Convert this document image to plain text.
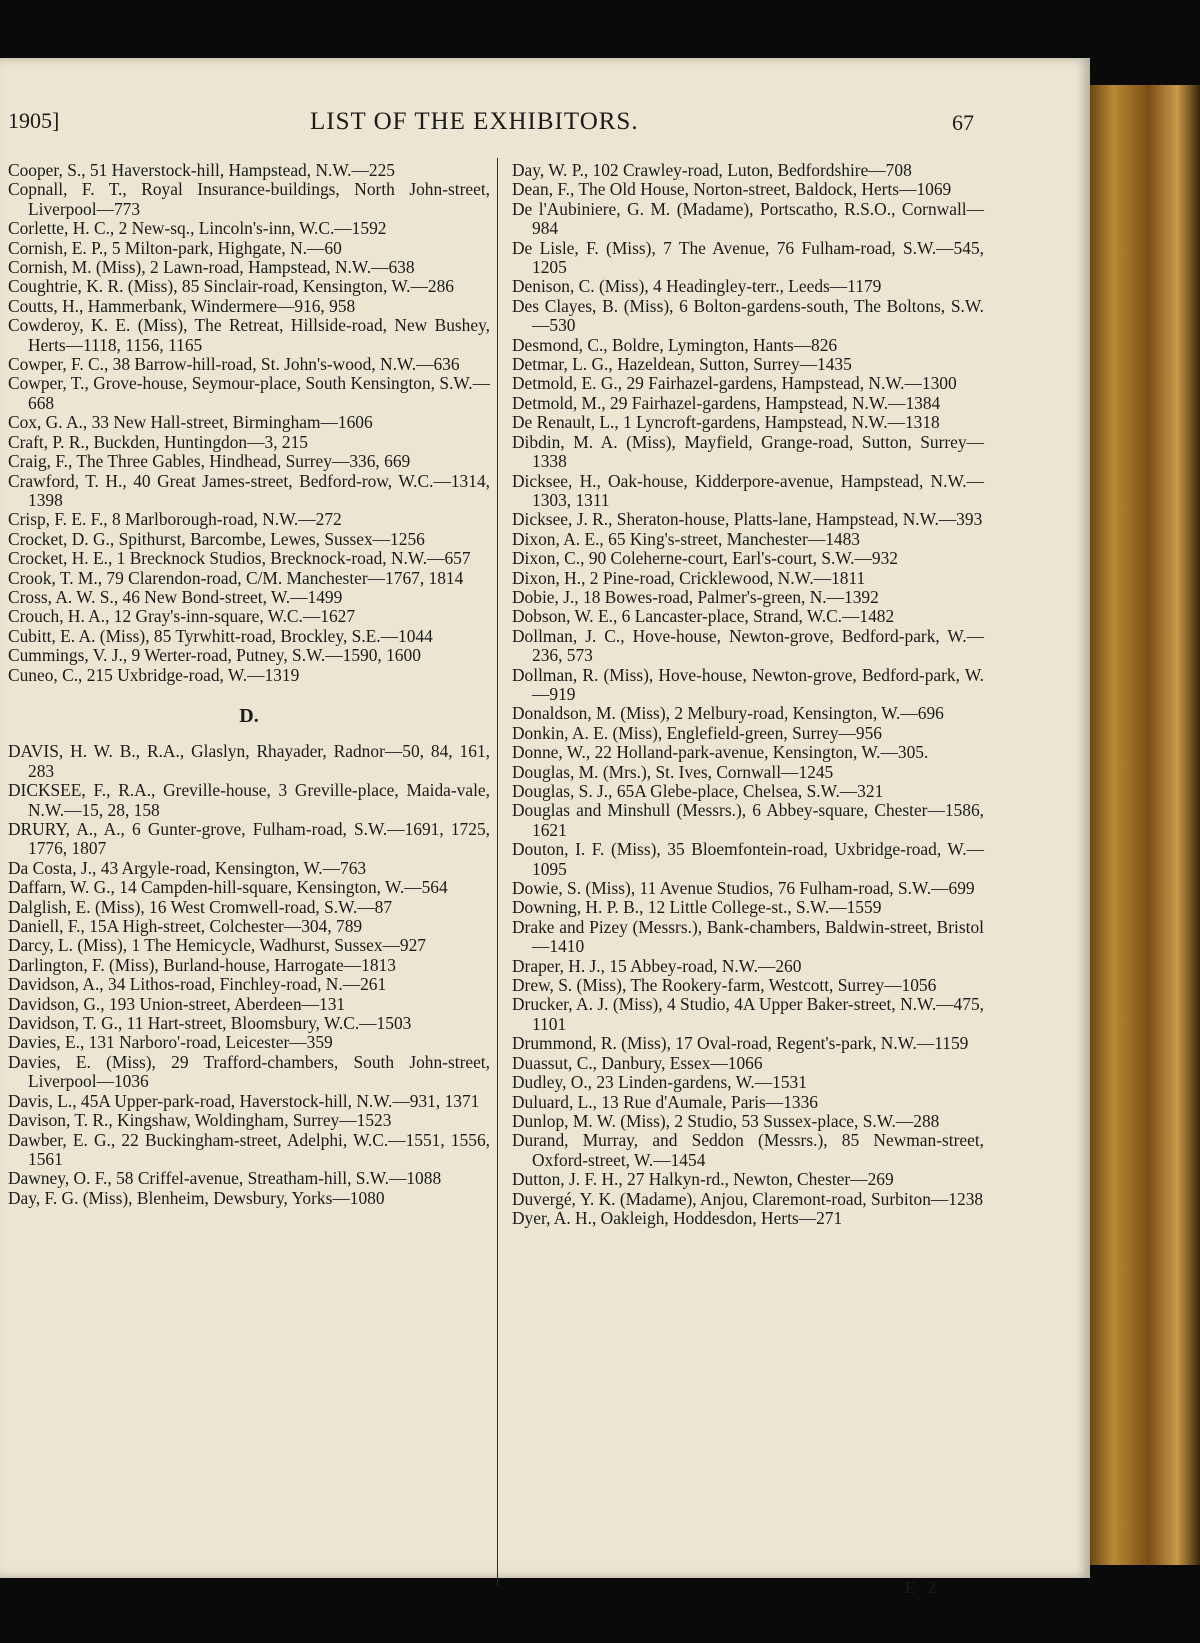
1905]	LIST OF THE EXHIBITORS.	67

Cooper, S., 51 Haverstock-hill, Hampstead, N.W.—225

Copnall, F. T., Royal Insurance-buildings, North John-street, Liverpool—773

Corlette, H. C., 2 New-sq., Lincoln's-inn, W.C.—1592

Cornish, E. P., 5 Milton-park, Highgate, N.—60

Cornish, M. (Miss), 2 Lawn-road, Hampstead, N.W.—638

Coughtrie, K. R. (Miss), 85 Sinclair-road, Kensington, W.—286

Coutts, H., Hammerbank, Windermere—916, 958

Cowderoy, K. E. (Miss), The Retreat, Hillside-road, New Bushey, Herts—1118, 1156, 1165

Cowper, F. C., 38 Barrow-hill-road, St. John's-wood, N.W.—636

Cowper, T., Grove-house, Seymour-place, South Kensington, S.W.—668

Cox, G. A., 33 New Hall-street, Birmingham—1606

Craft, P. R., Buckden, Huntingdon—3, 215

Craig, F., The Three Gables, Hindhead, Surrey—336, 669

Crawford, T. H., 40 Great James-street, Bedford-row, W.C.—1314, 1398

Crisp, F. E. F., 8 Marlborough-road, N.W.—272

Crocket, D. G., Spithurst, Barcombe, Lewes, Sussex—1256

Crocket, H. E., 1 Brecknock Studios, Brecknock-road, N.W.—657

Crook, T. M., 79 Clarendon-road, C/M. Manchester—1767, 1814

Cross, A. W. S., 46 New Bond-street, W.—1499

Crouch, H. A., 12 Gray's-inn-square, W.C.—1627

Cubitt, E. A. (Miss), 85 Tyrwhitt-road, Brockley, S.E.—1044

Cummings, V. J., 9 Werter-road, Putney, S.W.—1590, 1600

Cuneo, C., 215 Uxbridge-road, W.—1319

D.

DAVIS, H. W. B., R.A., Glaslyn, Rhayader, Radnor—50, 84, 161, 283

DICKSEE, F., R.A., Greville-house, 3 Greville-place, Maida-vale, N.W.—15, 28, 158

DRURY, A., A., 6 Gunter-grove, Fulham-road, S.W.—1691, 1725, 1776, 1807

Da Costa, J., 43 Argyle-road, Kensington, W.—763

Daffarn, W. G., 14 Campden-hill-square, Kensington, W.—564

Dalglish, E. (Miss), 16 West Cromwell-road, S.W.—87

Daniell, F., 15A High-street, Colchester—304, 789

Darcy, L. (Miss), 1 The Hemicycle, Wadhurst, Sussex—927

Darlington, F. (Miss), Burland-house, Harrogate—1813

Davidson, A., 34 Lithos-road, Finchley-road, N.—261

Davidson, G., 193 Union-street, Aberdeen—131

Davidson, T. G., 11 Hart-street, Bloomsbury, W.C.—1503

Davies, E., 131 Narboro'-road, Leicester—359

Davies, E. (Miss), 29 Trafford-chambers, South John-street, Liverpool—1036

Davis, L., 45A Upper-park-road, Haverstock-hill, N.W.—931, 1371

Davison, T. R., Kingshaw, Woldingham, Surrey—1523

Dawber, E. G., 22 Buckingham-street, Adelphi, W.C.—1551, 1556, 1561

Dawney, O. F., 58 Criffel-avenue, Streatham-hill, S.W.—1088

Day, F. G. (Miss), Blenheim, Dewsbury, Yorks—1080

Day, W. P., 102 Crawley-road, Luton, Bedfordshire—708

Dean, F., The Old House, Norton-street, Baldock, Herts—1069

De l'Aubiniere, G. M. (Madame), Portscatho, R.S.O., Cornwall—984

De Lisle, F. (Miss), 7 The Avenue, 76 Fulham-road, S.W.—545, 1205

Denison, C. (Miss), 4 Headingley-terr., Leeds—1179

Des Clayes, B. (Miss), 6 Bolton-gardens-south, The Boltons, S.W.—530

Desmond, C., Boldre, Lymington, Hants—826

Detmar, L. G., Hazeldean, Sutton, Surrey—1435

Detmold, E. G., 29 Fairhazel-gardens, Hampstead, N.W.—1300

Detmold, M., 29 Fairhazel-gardens, Hampstead, N.W.—1384

De Renault, L., 1 Lyncroft-gardens, Hampstead, N.W.—1318

Dibdin, M. A. (Miss), Mayfield, Grange-road, Sutton, Surrey—1338

Dicksee, H., Oak-house, Kidderpore-avenue, Hampstead, N.W.—1303, 1311

Dicksee, J. R., Sheraton-house, Platts-lane, Hampstead, N.W.—393

Dixon, A. E., 65 King's-street, Manchester—1483

Dixon, C., 90 Coleherne-court, Earl's-court, S.W.—932

Dixon, H., 2 Pine-road, Cricklewood, N.W.—1811

Dobie, J., 18 Bowes-road, Palmer's-green, N.—1392

Dobson, W. E., 6 Lancaster-place, Strand, W.C.—1482

Dollman, J. C., Hove-house, Newton-grove, Bedford-park, W.—236, 573

Dollman, R. (Miss), Hove-house, Newton-grove, Bedford-park, W.—919

Donaldson, M. (Miss), 2 Melbury-road, Kensington, W.—696

Donkin, A. E. (Miss), Englefield-green, Surrey—956

Donne, W., 22 Holland-park-avenue, Kensington, W.—305.

Douglas, M. (Mrs.), St. Ives, Cornwall—1245

Douglas, S. J., 65A Glebe-place, Chelsea, S.W.—321

Douglas and Minshull (Messrs.), 6 Abbey-square, Chester—1586, 1621

Douton, I. F. (Miss), 35 Bloemfontein-road, Uxbridge-road, W.—1095

Dowie, S. (Miss), 11 Avenue Studios, 76 Fulham-road, S.W.—699

Downing, H. P. B., 12 Little College-st., S.W.—1559

Drake and Pizey (Messrs.), Bank-chambers, Baldwin-street, Bristol—1410

Draper, H. J., 15 Abbey-road, N.W.—260

Drew, S. (Miss), The Rookery-farm, Westcott, Surrey—1056

Drucker, A. J. (Miss), 4 Studio, 4A Upper Baker-street, N.W.—475, 1101

Drummond, R. (Miss), 17 Oval-road, Regent's-park, N.W.—1159

Duassut, C., Danbury, Essex—1066

Dudley, O., 23 Linden-gardens, W.—1531

Duluard, L., 13 Rue d'Aumale, Paris—1336

Dunlop, M. W. (Miss), 2 Studio, 53 Sussex-place, S.W.—288

Durand, Murray, and Seddon (Messrs.), 85 Newman-street, Oxford-street, W.—1454

Dutton, J. F. H., 27 Halkyn-rd., Newton, Chester—269

Duvergé, Y. K. (Madame), Anjou, Claremont-road, Surbiton—1238

Dyer, A. H., Oakleigh, Hoddesdon, Herts—271

E 2
